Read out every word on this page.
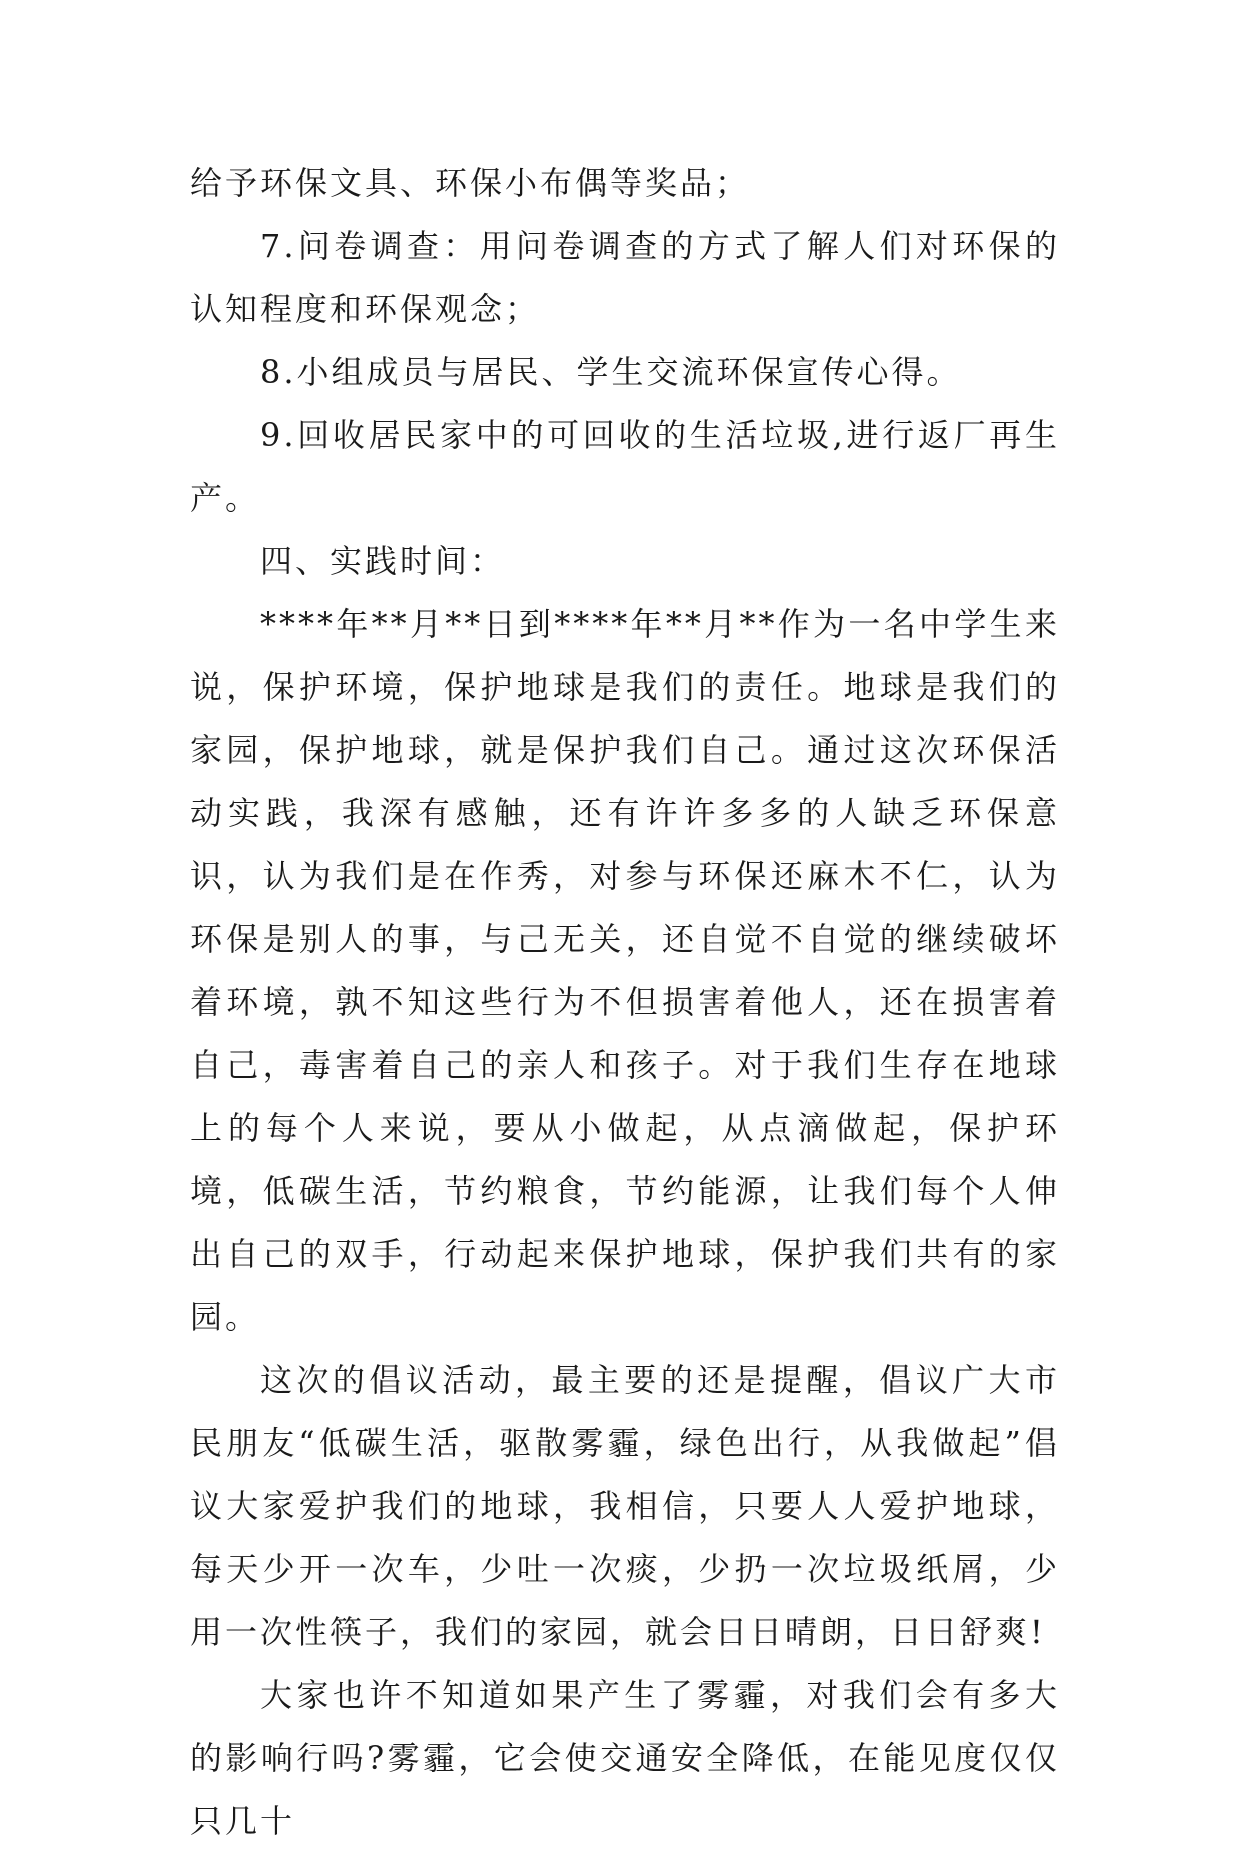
给予环保文具、环保小布偶等奖品；

7.问卷调查：用问卷调查的方式了解人们对环保的认知程度和环保观念；

8.小组成员与居民、学生交流环保宣传心得。

9.回收居民家中的可回收的生活垃圾,进行返厂再生产。

四、实践时间：

****年**月**日到****年**月**作为一名中学生来说，保护环境，保护地球是我们的责任。地球是我们的家园，保护地球，就是保护我们自己。通过这次环保活动实践，我深有感触，还有许许多多的人缺乏环保意识，认为我们是在作秀，对参与环保还麻木不仁，认为环保是别人的事，与己无关，还自觉不自觉的继续破坏着环境，孰不知这些行为不但损害着他人，还在损害着自己，毒害着自己的亲人和孩子。对于我们生存在地球上的每个人来说，要从小做起，从点滴做起，保护环境，低碳生活，节约粮食，节约能源，让我们每个人伸出自己的双手，行动起来保护地球，保护我们共有的家园。

这次的倡议活动，最主要的还是提醒，倡议广大市民朋友“低碳生活，驱散雾霾，绿色出行，从我做起”倡议大家爱护我们的地球，我相信，只要人人爱护地球，每天少开一次车，少吐一次痰，少扔一次垃圾纸屑，少用一次性筷子，我们的家园，就会日日晴朗，日日舒爽!

大家也许不知道如果产生了雾霾，对我们会有多大的影响行吗?雾霾，它会使交通安全降低，在能见度仅仅只几十
